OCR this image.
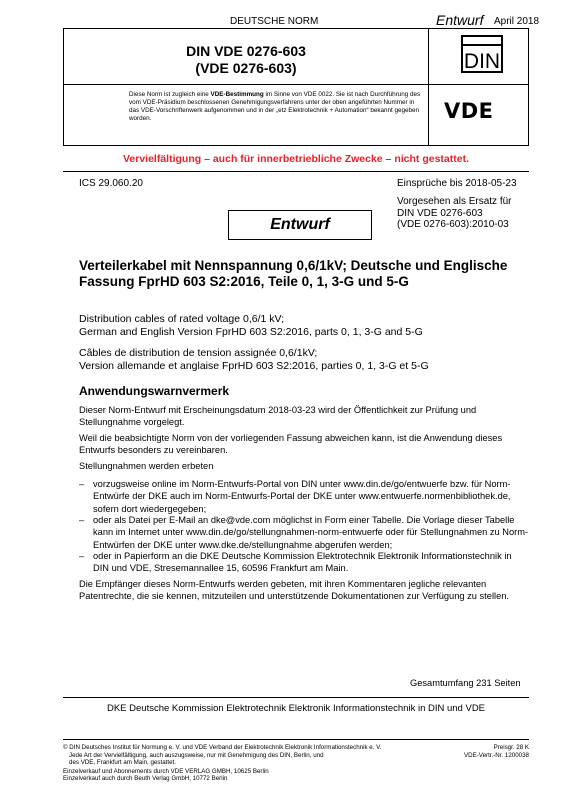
DEUTSCHE NORM	Entwurf April 2018
DIN VDE 0276-603
(VDE 0276-603)
Diese Norm ist zugleich eine VDE-Bestimmung im Sinne von VDE 0022. Sie ist nach Durchführung des vom VDE-Präsidium beschlossenen Genehmigungsverfahrens unter der oben angeführten Nummer in das VDE-Vorschriftenwerk aufgenommen und in der „etz Elektrotechnik + Automation“ bekannt gegeben worden.
DIN
VDE
Vervielfältigung – auch für innerbetriebliche Zwecke – nicht gestattet.
ICS 29.060.20	Einsprüche bis 2018-05-23
Vorgesehen als Ersatz für
DIN VDE 0276-603
(VDE 0276-603):2010-03
Entwurf
Verteilerkabel mit Nennspannung 0,6/1kV; Deutsche und Englische Fassung FprHD 603 S2:2016, Teile 0, 1, 3-G und 5-G
Distribution cables of rated voltage 0,6/1 kV;
German and English Version FprHD 603 S2:2016, parts 0, 1, 3-G and 5-G
Câbles de distribution de tension assignée 0,6/1kV;
Version allemande et anglaise FprHD 603 S2:2016, parties 0, 1, 3-G et 5-G
Anwendungswarnvermerk
Dieser Norm-Entwurf mit Erscheinungsdatum 2018-03-23 wird der Öffentlichkeit zur Prüfung und Stellungnahme vorgelegt.
Weil die beabsichtigte Norm von der vorliegenden Fassung abweichen kann, ist die Anwendung dieses Entwurfs besonders zu vereinbaren.
Stellungnahmen werden erbeten
– vorzugsweise online im Norm-Entwurfs-Portal von DIN unter www.din.de/go/entwuerfe bzw. für Norm-Entwürfe der DKE auch im Norm-Entwurfs-Portal der DKE unter www.entwuerfe.normenbibliothek.de, sofern dort wiedergegeben;
– oder als Datei per E-Mail an dke@vde.com möglichst in Form einer Tabelle. Die Vorlage dieser Tabelle kann im Internet unter www.din.de/go/stellungnahmen-norm-entwuerfe oder für Stellungnahmen zu Norm-Entwürfen der DKE unter www.dke.de/stellungnahme abgerufen werden;
– oder in Papierform an die DKE Deutsche Kommission Elektrotechnik Elektronik Informationstechnik in DIN und VDE, Stresemannallee 15, 60596 Frankfurt am Main.
Die Empfänger dieses Norm-Entwurfs werden gebeten, mit ihren Kommentaren jegliche relevanten Patentrechte, die sie kennen, mitzuteilen und unterstützende Dokumentationen zur Verfügung zu stellen.
Gesamtumfang 231 Seiten
DKE Deutsche Kommission Elektrotechnik Elektronik Informationstechnik in DIN und VDE
© DIN Deutsches Institut für Normung e. V. und VDE Verband der Elektrotechnik Elektronik Informationstechnik e. V.
Jede Art der Vervielfältigung, auch auszugsweise, nur mit Genehmigung des DIN, Berlin, und
des VDE, Frankfurt am Main, gestattet.
Einzelverkauf und Abonnements durch VDE VERLAG GMBH, 10625 Berlin
Einzelverkauf auch durch Beuth Verlag GmbH, 10772 Berlin
Preisgr. 28 K
VDE-Vertr.-Nr. 1200038
